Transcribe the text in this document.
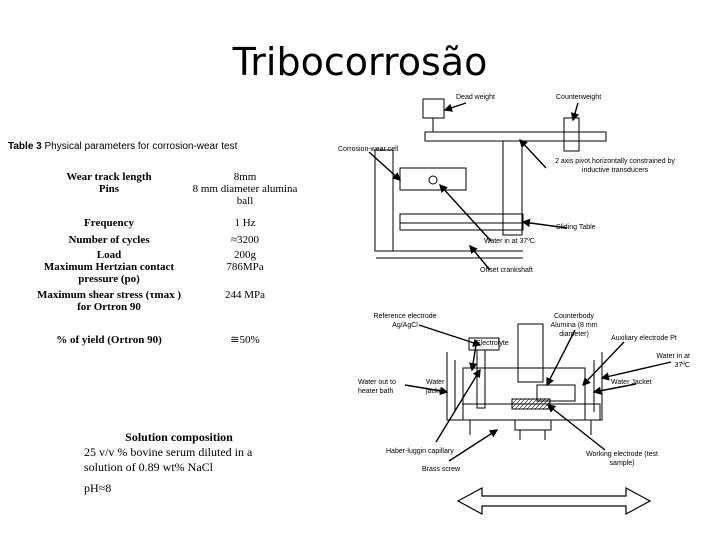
Tribocorrosão
Table 3 Physical parameters for corrosion-wear test
Wear track length	8mm
Pins	8 mm diameter alumina ball
Frequency	1 Hz
Number of cycles	≈3200
Load	200g
Maximum Hertzian contact pressure (po)	786MPa
Maximum shear stress (τmax ) for Ortron 90	244 MPa
% of yield (Ortron 90)	≅50%
Solution composition
25 v/v % bovine serum diluted in a solution of 0.89 wt% NaCl
pH≈8
Dead weight	Counterweight
Corrosion-wear cell
2 axis pivot horizontally constrained by inductive transducers
Sliding Table
Water in at 37ºC
Offset crankshaft
Reference electrode Ag/AgCl
Counterbody Alumina (8 mm diameter)
Auxiliary electrode Pt
Electrolyte
Water in at 37ºC
Water out to heater bath
Water jacket
Water Jacket
Haber-luggin capillary
Brass screw
Working electrode (test sample)
